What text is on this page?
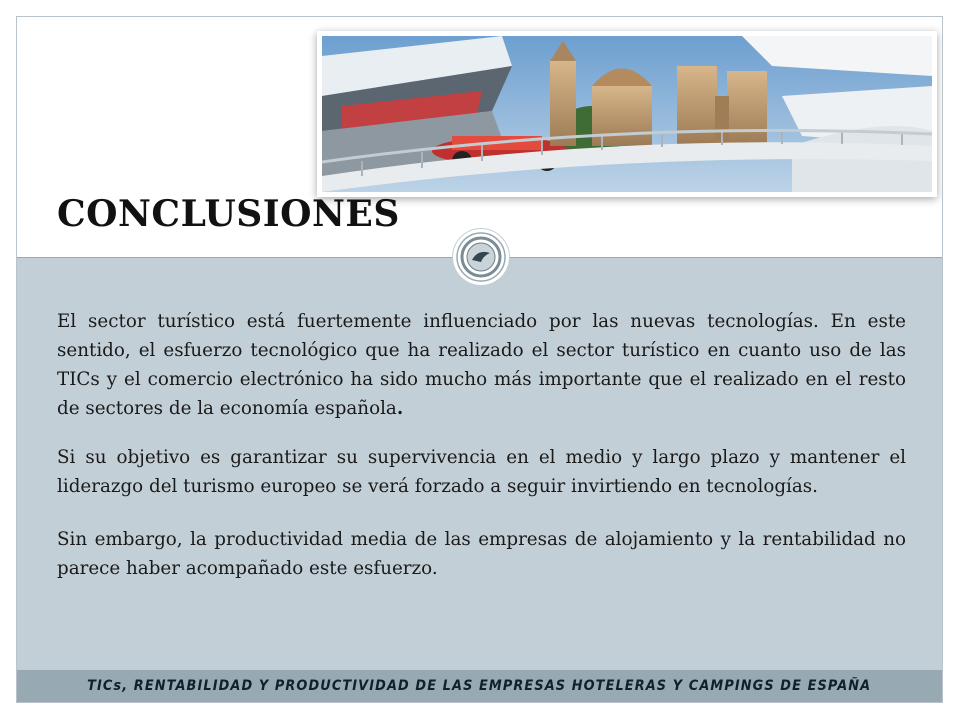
CONCLUSIONES

El sector turístico está fuertemente influenciado por las nuevas tecnologías. En este sentido, el esfuerzo tecnológico que ha realizado el sector turístico en cuanto uso de las TICs y el comercio electrónico ha sido mucho más importante que el realizado en el resto de sectores de la economía española.

Si su objetivo es garantizar su supervivencia en el medio y largo plazo y mantener el liderazgo del turismo europeo se verá forzado a seguir invirtiendo en tecnologías.

Sin embargo, la productividad media de las empresas de alojamiento y la rentabilidad no parece haber acompañado este esfuerzo.

TICs, RENTABILIDAD Y PRODUCTIVIDAD DE LAS EMPRESAS HOTELERAS Y CAMPINGS DE ESPAÑA
